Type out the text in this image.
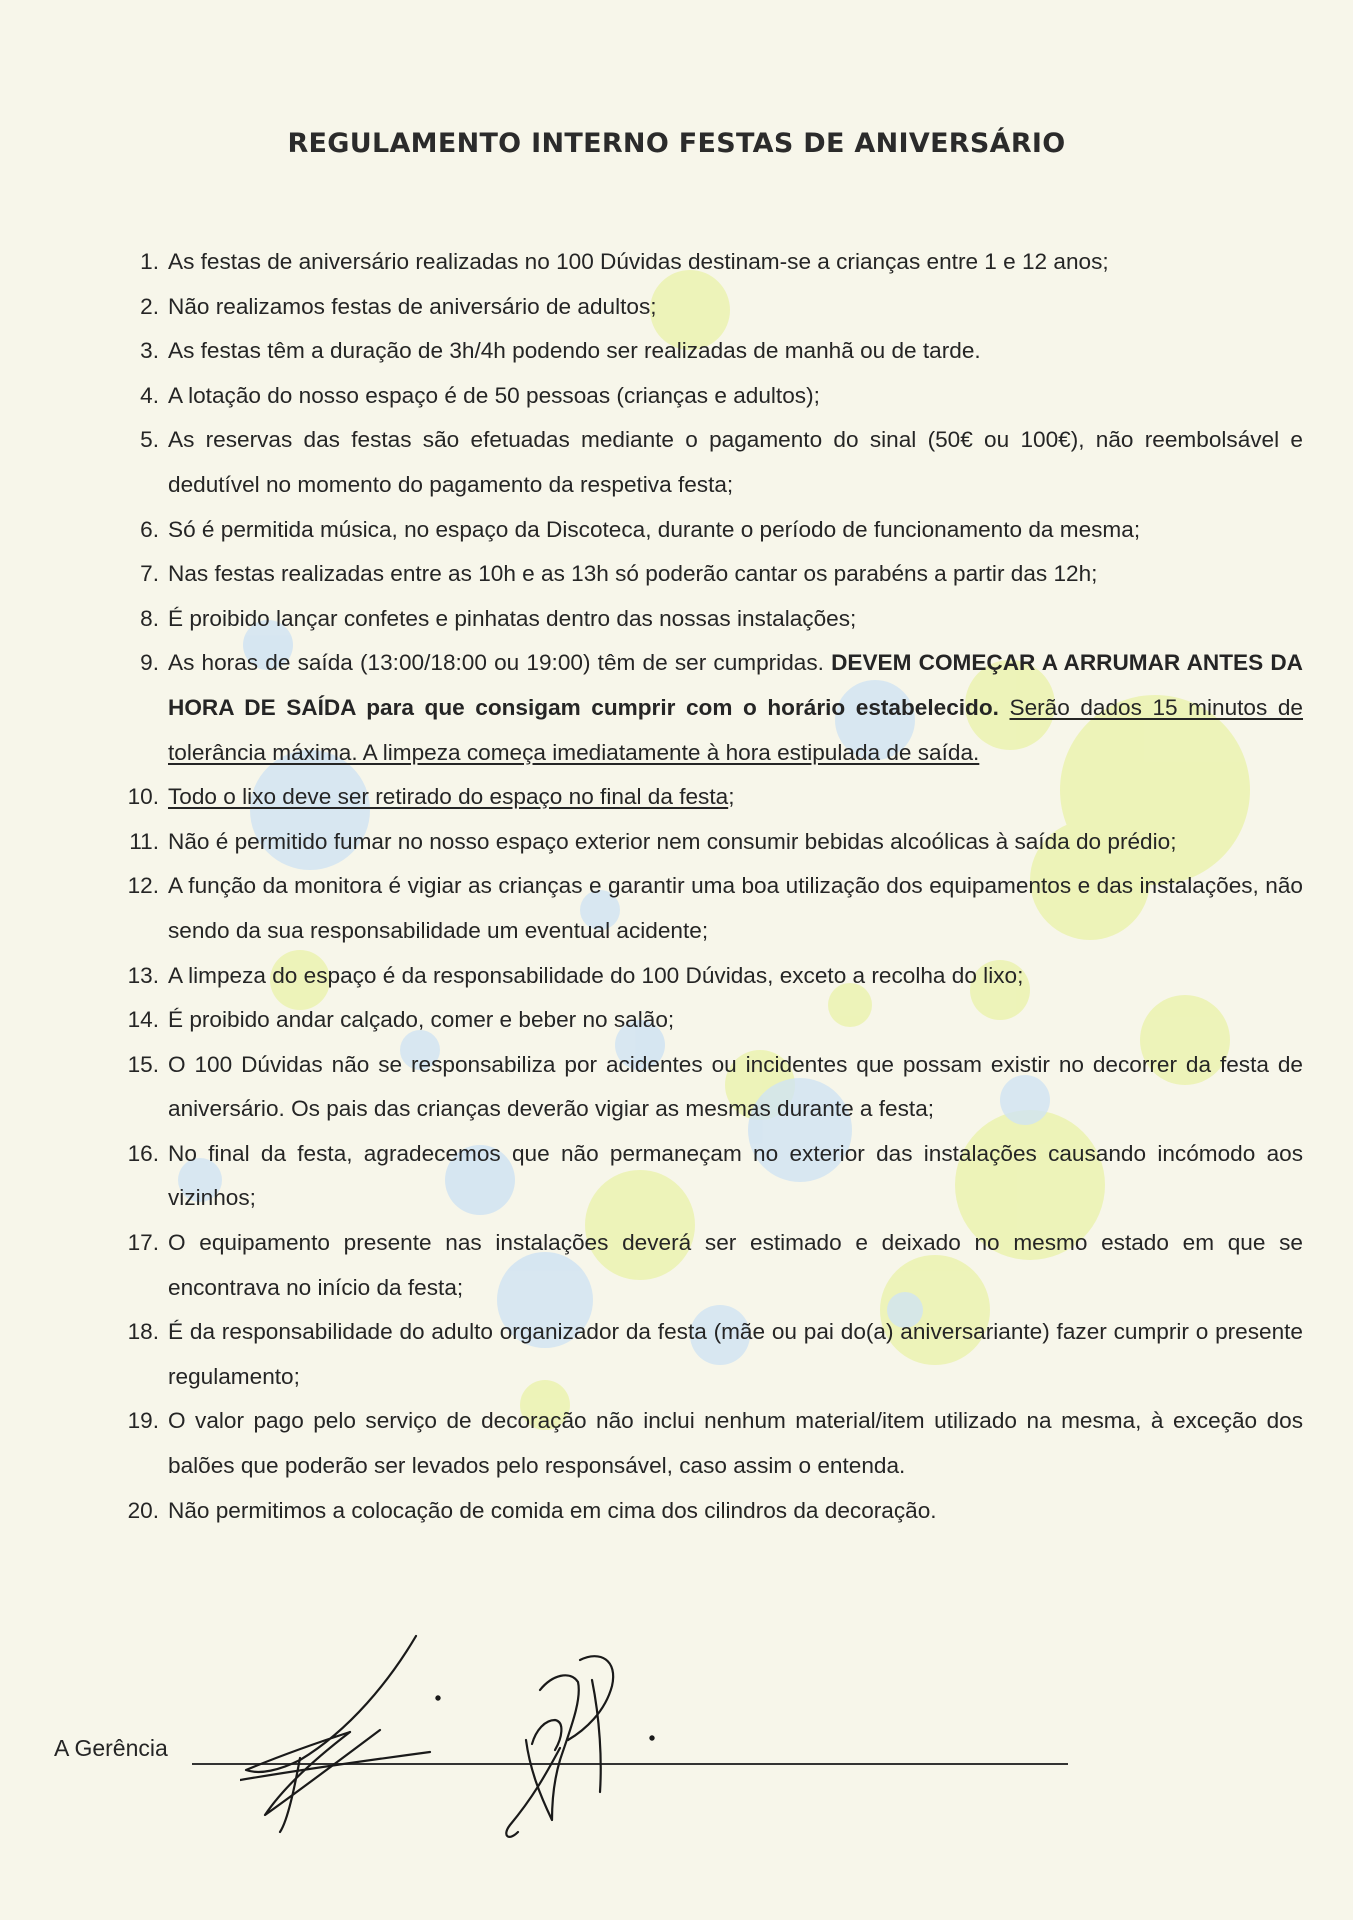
REGULAMENTO INTERNO FESTAS DE ANIVERSÁRIO
1. As festas de aniversário realizadas no 100 Dúvidas destinam-se a crianças entre 1 e 12 anos;
2. Não realizamos festas de aniversário de adultos;
3. As festas têm a duração de 3h/4h podendo ser realizadas de manhã ou de tarde.
4. A lotação do nosso espaço é de 50 pessoas (crianças e adultos);
5. As reservas das festas são efetuadas mediante o pagamento do sinal (50€ ou 100€), não reembolsável e dedutível no momento do pagamento da respetiva festa;
6. Só é permitida música, no espaço da Discoteca, durante o período de funcionamento da mesma;
7. Nas festas realizadas entre as 10h e as 13h só poderão cantar os parabéns a partir das 12h;
8. É proibido lançar confetes e pinhatas dentro das nossas instalações;
9. As horas de saída (13:00/18:00 ou 19:00) têm de ser cumpridas. DEVEM COMEÇAR A ARRUMAR ANTES DA HORA DE SAÍDA para que consigam cumprir com o horário estabelecido. Serão dados 15 minutos de tolerância máxima. A limpeza começa imediatamente à hora estipulada de saída.
10. Todo o lixo deve ser retirado do espaço no final da festa;
11. Não é permitido fumar no nosso espaço exterior nem consumir bebidas alcoólicas à saída do prédio;
12. A função da monitora é vigiar as crianças e garantir uma boa utilização dos equipamentos e das instalações, não sendo da sua responsabilidade um eventual acidente;
13. A limpeza do espaço é da responsabilidade do 100 Dúvidas, exceto a recolha do lixo;
14. É proibido andar calçado, comer e beber no salão;
15. O 100 Dúvidas não se responsabiliza por acidentes ou incidentes que possam existir no decorrer da festa de aniversário. Os pais das crianças deverão vigiar as mesmas durante a festa;
16. No final da festa, agradecemos que não permaneçam no exterior das instalações causando incómodo aos vizinhos;
17. O equipamento presente nas instalações deverá ser estimado e deixado no mesmo estado em que se encontrava no início da festa;
18. É da responsabilidade do adulto organizador da festa (mãe ou pai do(a) aniversariante) fazer cumprir o presente regulamento;
19. O valor pago pelo serviço de decoração não inclui nenhum material/item utilizado na mesma, à exceção dos balões que poderão ser levados pelo responsável, caso assim o entenda.
20. Não permitimos a colocação de comida em cima dos cilindros da decoração.
A Gerência
